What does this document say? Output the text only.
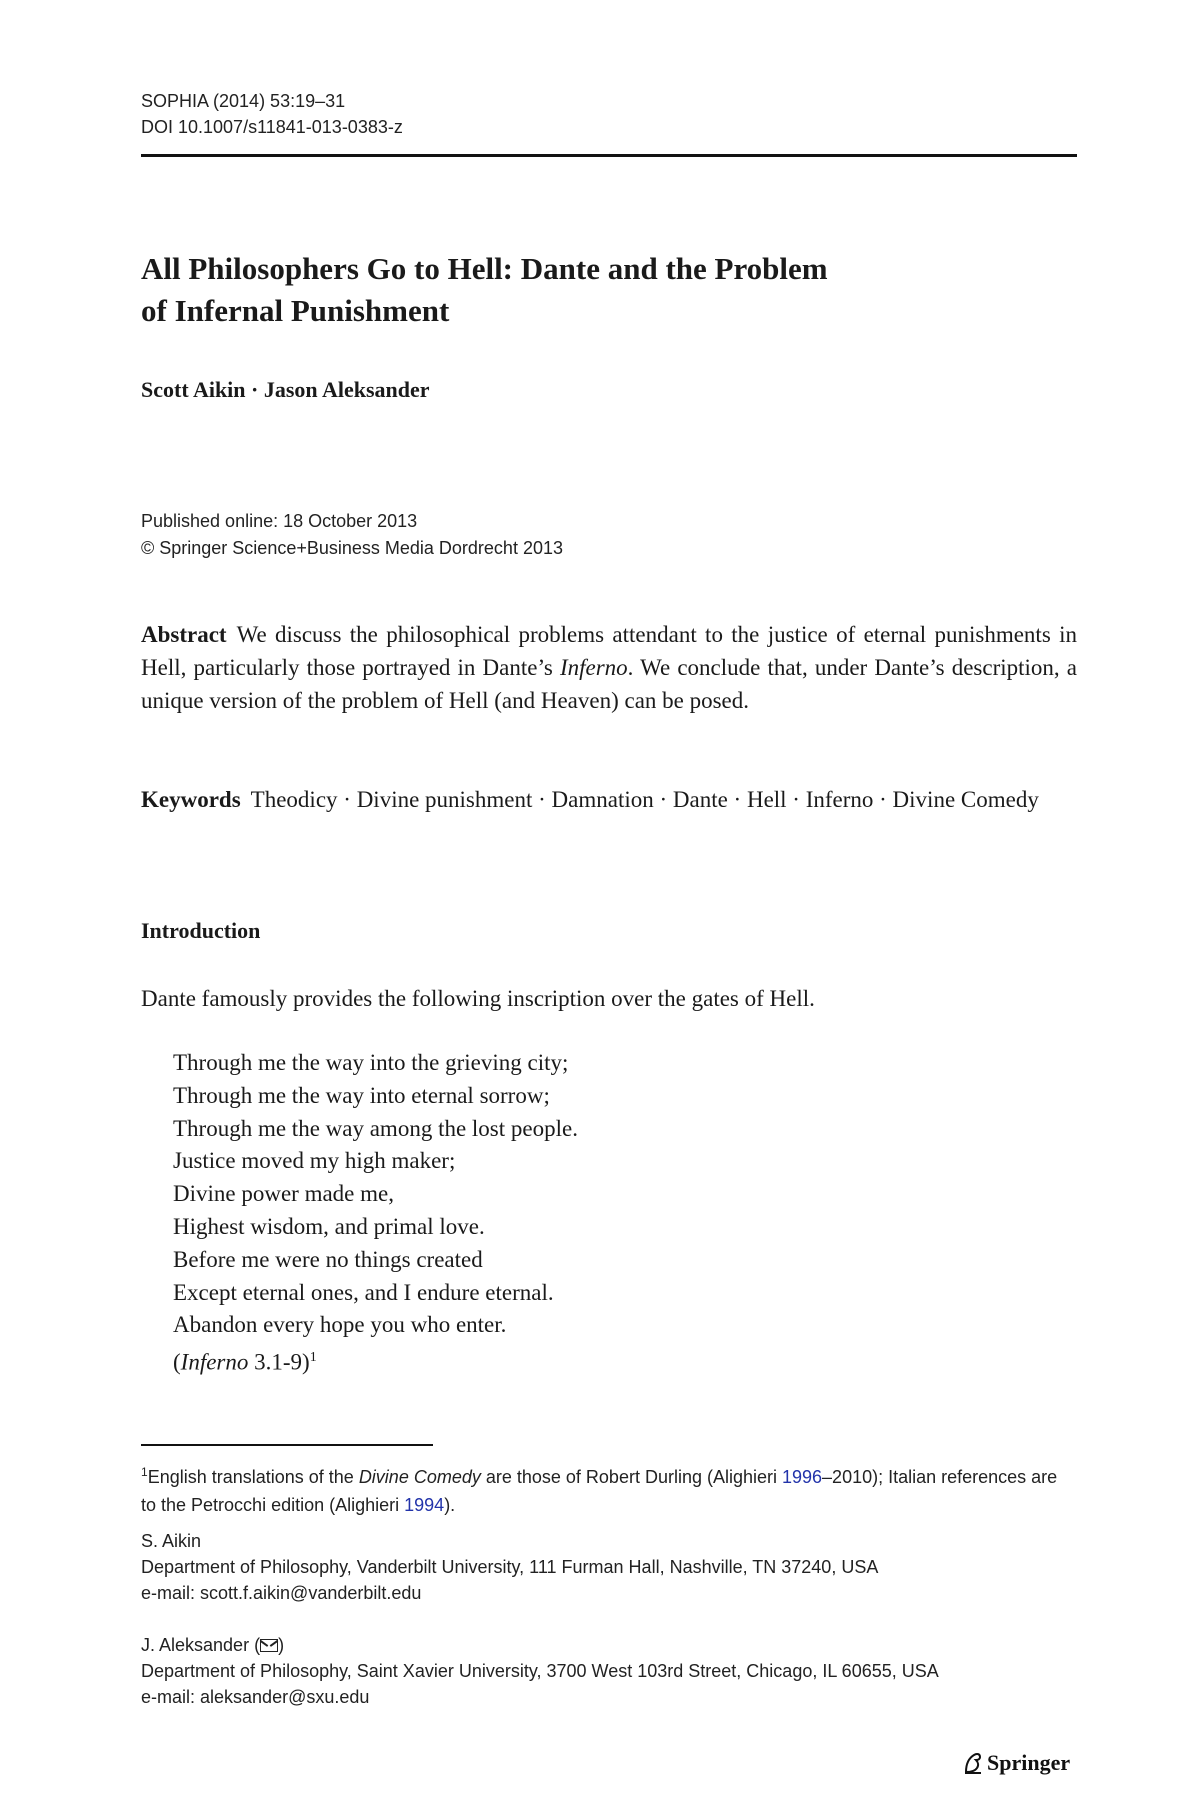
SOPHIA (2014) 53:19–31
DOI 10.1007/s11841-013-0383-z
All Philosophers Go to Hell: Dante and the Problem
of Infernal Punishment
Scott Aikin · Jason Aleksander
Published online: 18 October 2013
© Springer Science+Business Media Dordrecht 2013
Abstract We discuss the philosophical problems attendant to the justice of eternal punishments in Hell, particularly those portrayed in Dante’s Inferno. We conclude that, under Dante’s description, a unique version of the problem of Hell (and Heaven) can be posed.
Keywords Theodicy · Divine punishment · Damnation · Dante · Hell · Inferno · Divine Comedy
Introduction
Dante famously provides the following inscription over the gates of Hell.
Through me the way into the grieving city;
Through me the way into eternal sorrow;
Through me the way among the lost people.
Justice moved my high maker;
Divine power made me,
Highest wisdom, and primal love.
Before me were no things created
Except eternal ones, and I endure eternal.
Abandon every hope you who enter.
(Inferno 3.1-9)$^1$
$^1$English translations of the Divine Comedy are those of Robert Durling (Alighieri 1996–2010); Italian references are to the Petrocchi edition (Alighieri 1994).
S. Aikin
Department of Philosophy, Vanderbilt University, 111 Furman Hall, Nashville, TN 37240, USA
e-mail: scott.f.aikin@vanderbilt.edu
J. Aleksander ( )
Department of Philosophy, Saint Xavier University, 3700 West 103rd Street, Chicago, IL 60655, USA
e-mail: aleksander@sxu.edu
Springer
